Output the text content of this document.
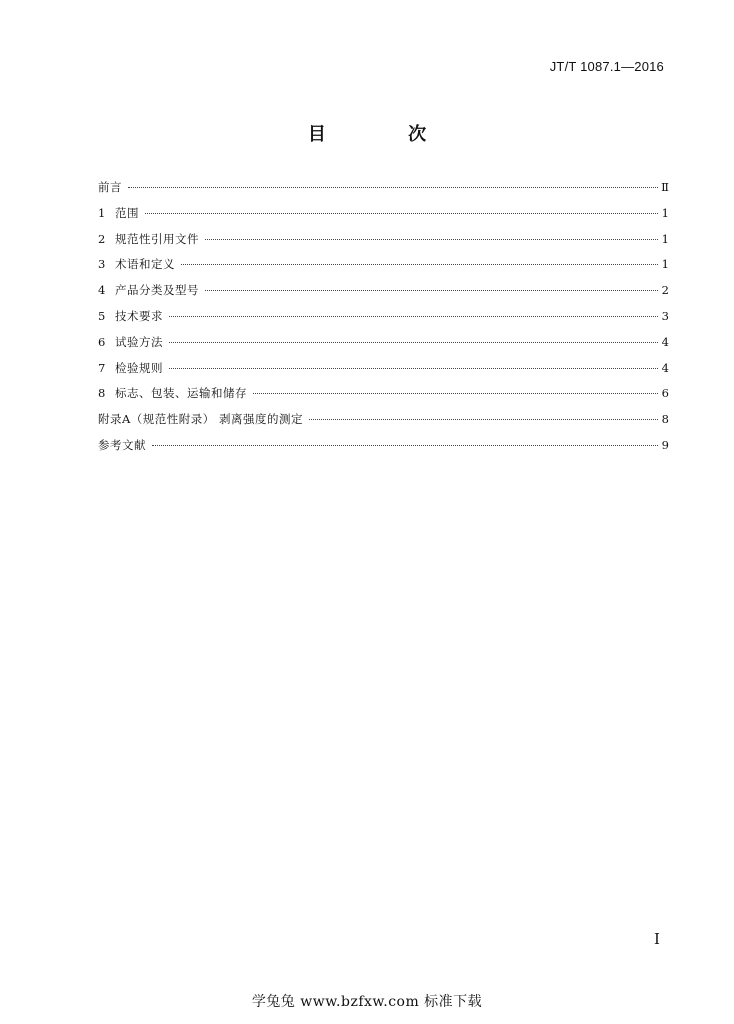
JT/T 1087.1—2016
目 次
前言	Ⅱ
1 范围	1
2 规范性引用文件	1
3 术语和定义	1
4 产品分类及型号	2
5 技术要求	3
6 试验方法	4
7 检验规则	4
8 标志、包装、运输和储存	6
附录A（规范性附录） 剥离强度的测定	8
参考文献	9
Ⅰ
学兔兔 www.bzfxw.com 标准下载
